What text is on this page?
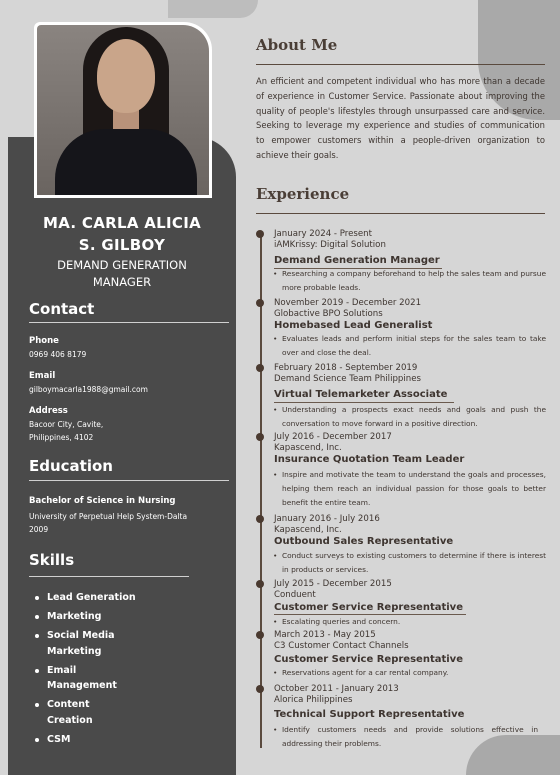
MA. CARLA ALICIA
S. GILBOY
DEMAND GENERATION
MANAGER
Contact
Phone
0969 406 8179
Email
gilboymacarla1988@gmail.com
Address
Bacoor City, Cavite,
Philippines, 4102
Education
Bachelor of Science in Nursing
University of Perpetual Help System-Dalta
2009
Skills
Lead Generation
Marketing
Social Media
Marketing
Email
Management
Content
Creation
CSM
About Me
An efficient and competent individual who has more than a decade of experience in Customer Service. Passionate about improving the quality of people's lifestyles through unsurpassed care and service. Seeking to leverage my experience and studies of communication to empower customers within a people-driven organization to achieve their goals.
Experience
January 2024 - Present
iAMKrissy: Digital Solution
Demand Generation Manager
• Researching a company beforehand to help the sales team and pursue more probable leads.
November 2019 - December 2021
Globactive BPO Solutions
Homebased Lead Generalist
• Evaluates leads and perform initial steps for the sales team to take over and close the deal.
February 2018 - September 2019
Demand Science Team Philippines
Virtual Telemarketer Associate
• Understanding a prospects exact needs and goals and push the conversation to move forward in a positive direction.
July 2016 - December 2017
Kapascend, Inc.
Insurance Quotation Team Leader
• Inspire and motivate the team to understand the goals and processes, helping them reach an individual passion for those goals to better benefit the entire team.
January 2016 - July 2016
Kapascend, Inc.
Outbound Sales Representative
• Conduct surveys to existing customers to determine if there is interest in products or services.
July 2015 - December 2015
Conduent
Customer Service Representative
• Escalating queries and concern.
March 2013 - May 2015
C3 Customer Contact Channels
Customer Service Representative
• Reservations agent for a car rental company.
October 2011 - January 2013
Alorica Philippines
Technical Support Representative
• Identify customers needs and provide solutions effective in addressing their problems.
